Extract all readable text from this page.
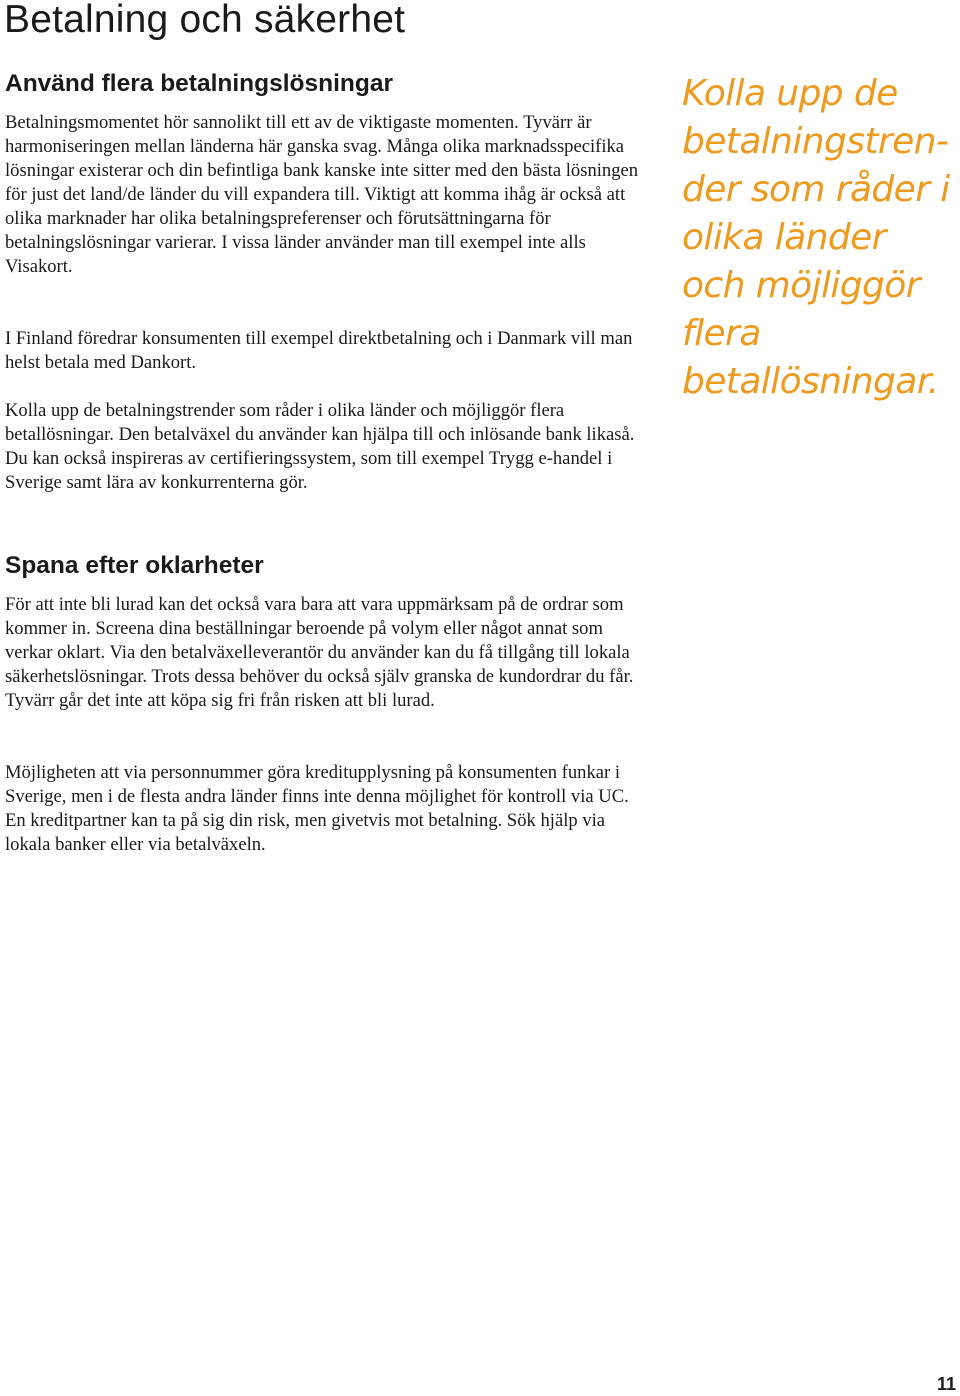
Betalning och säkerhet
Använd flera betalningslösningar

Betalningsmomentet hör sannolikt till ett av de viktigaste momenten. Tyvärr är harmoniseringen mellan länderna här ganska svag. Många olika marknadsspecifika lösningar existerar och din befintliga bank kanske inte sitter med den bästa lösningen för just det land/de länder du vill expandera till. Viktigt att komma ihåg är också att olika marknader har olika betalningspreferenser och förutsättningarna för betalningslösningar varierar. I vissa länder använder man till exempel inte alls Visakort.

I Finland föredrar konsumenten till exempel direktbetalning och i Danmark vill man helst betala med Dankort.

Kolla upp de betalningstrender som råder i olika länder och möjliggör flera betallösningar. Den betalväxel du använder kan hjälpa till och inlösande bank likaså. Du kan också inspireras av certifieringssystem, som till exempel Trygg e-handel i Sverige samt lära av konkurrenterna gör.

Spana efter oklarheter

För att inte bli lurad kan det också vara bara att vara uppmärksam på de ordrar som kommer in. Screena dina beställningar beroende på volym eller något annat som verkar oklart. Via den betalväxelleverantör du använder kan du få tillgång till lokala säkerhetslösningar. Trots dessa behöver du också själv granska de kundordrar du får. Tyvärr går det inte att köpa sig fri från risken att bli lurad.

Möjligheten att via personnummer göra kreditupplysning på konsumenten funkar i Sverige, men i de flesta andra länder finns inte denna möjlighet för kontroll via UC. En kreditpartner kan ta på sig din risk, men givetvis mot betalning. Sök hjälp via lokala banker eller via betalväxeln.

Kolla upp de betalningstrender som råder i olika länder och möjliggör flera betallösningar.

11
